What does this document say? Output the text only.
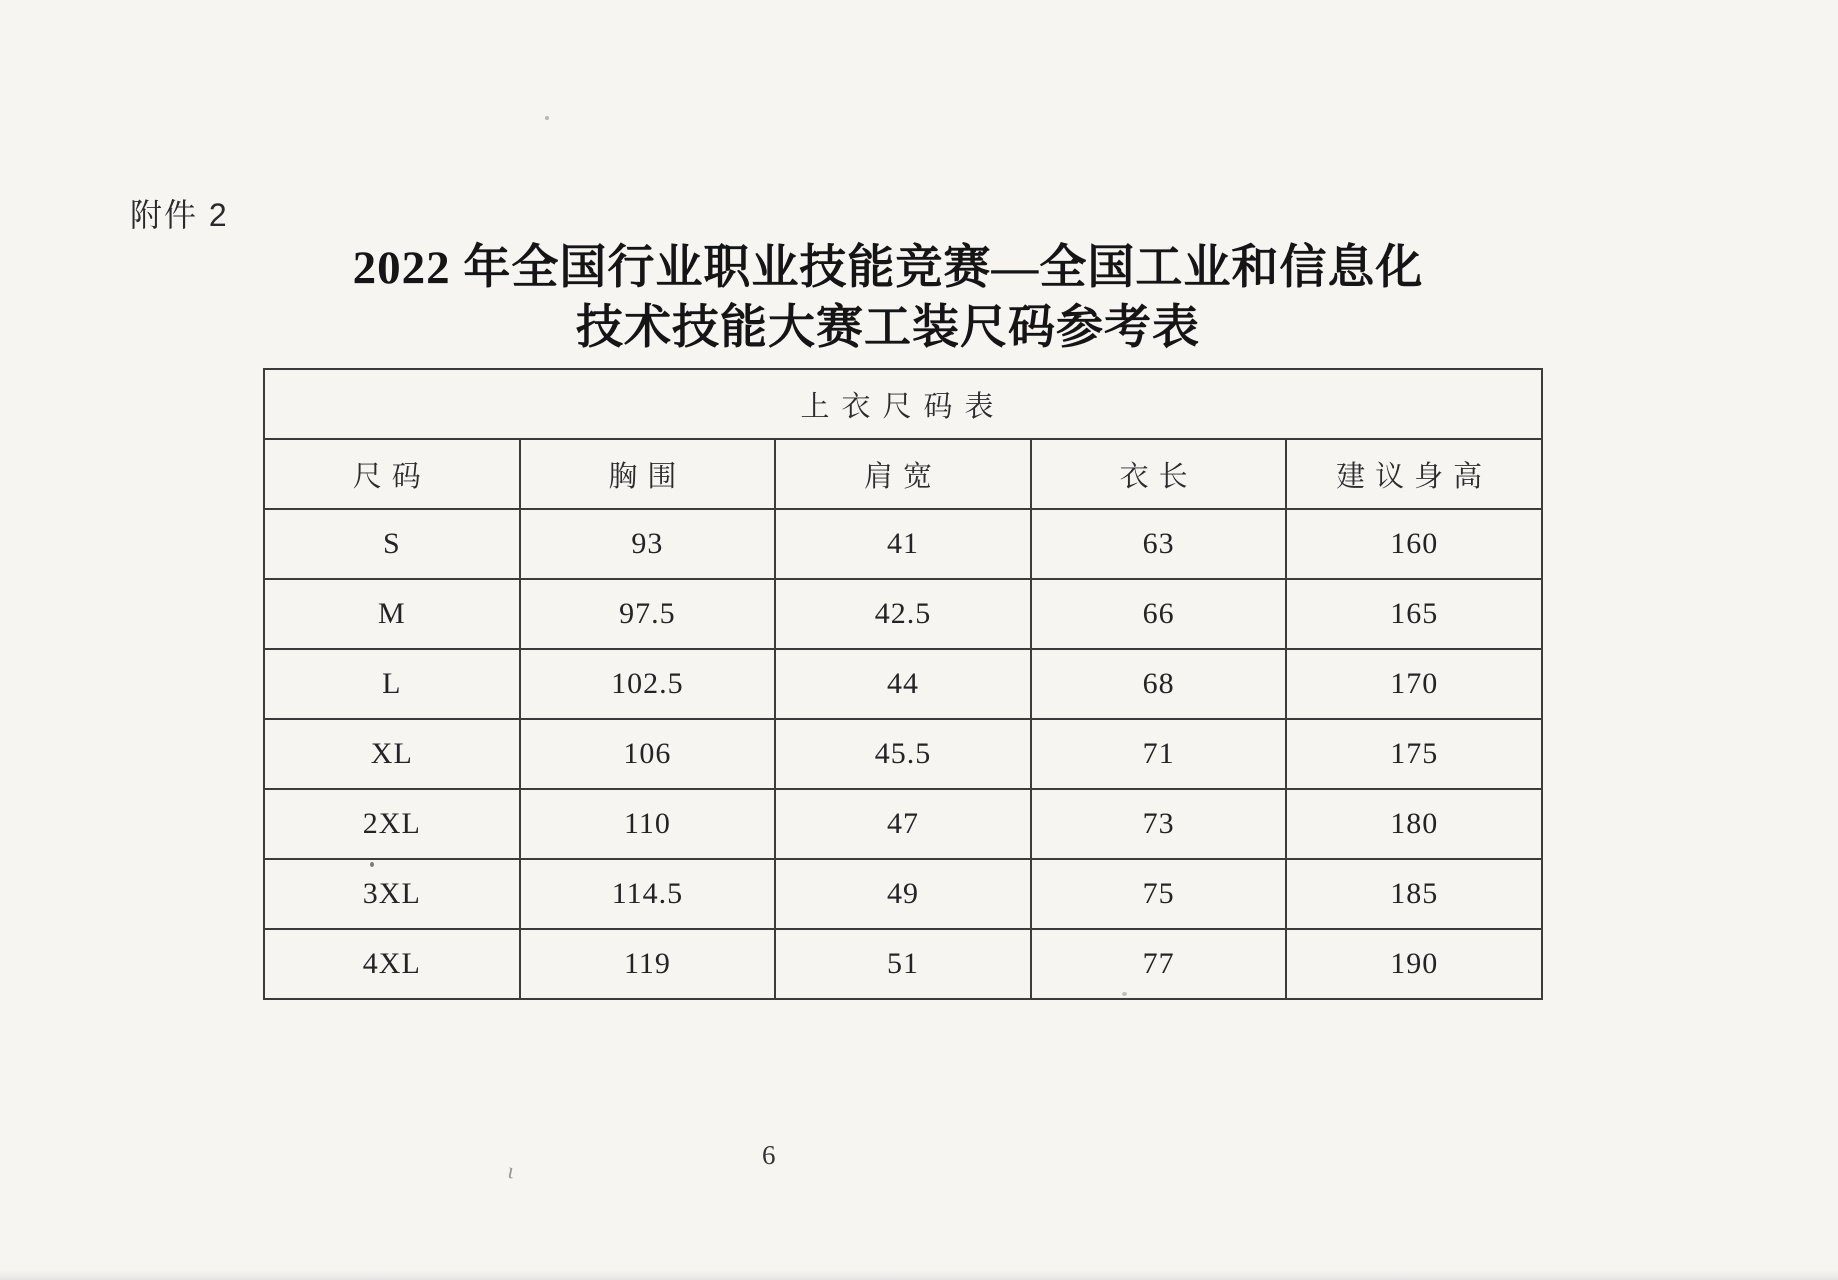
附件 2
2022 年全国行业职业技能竞赛—全国工业和信息化
技术技能大赛工装尺码参考表
上衣尺码表				
尺码	胸围	肩宽	衣长	建议身高
S	93	41	63	160
M	97.5	42.5	66	165
L	102.5	44	68	170
XL	106	45.5	71	175
2XL	110	47	73	180
3XL	114.5	49	75	185
4XL	119	51	77	190
6
ι
